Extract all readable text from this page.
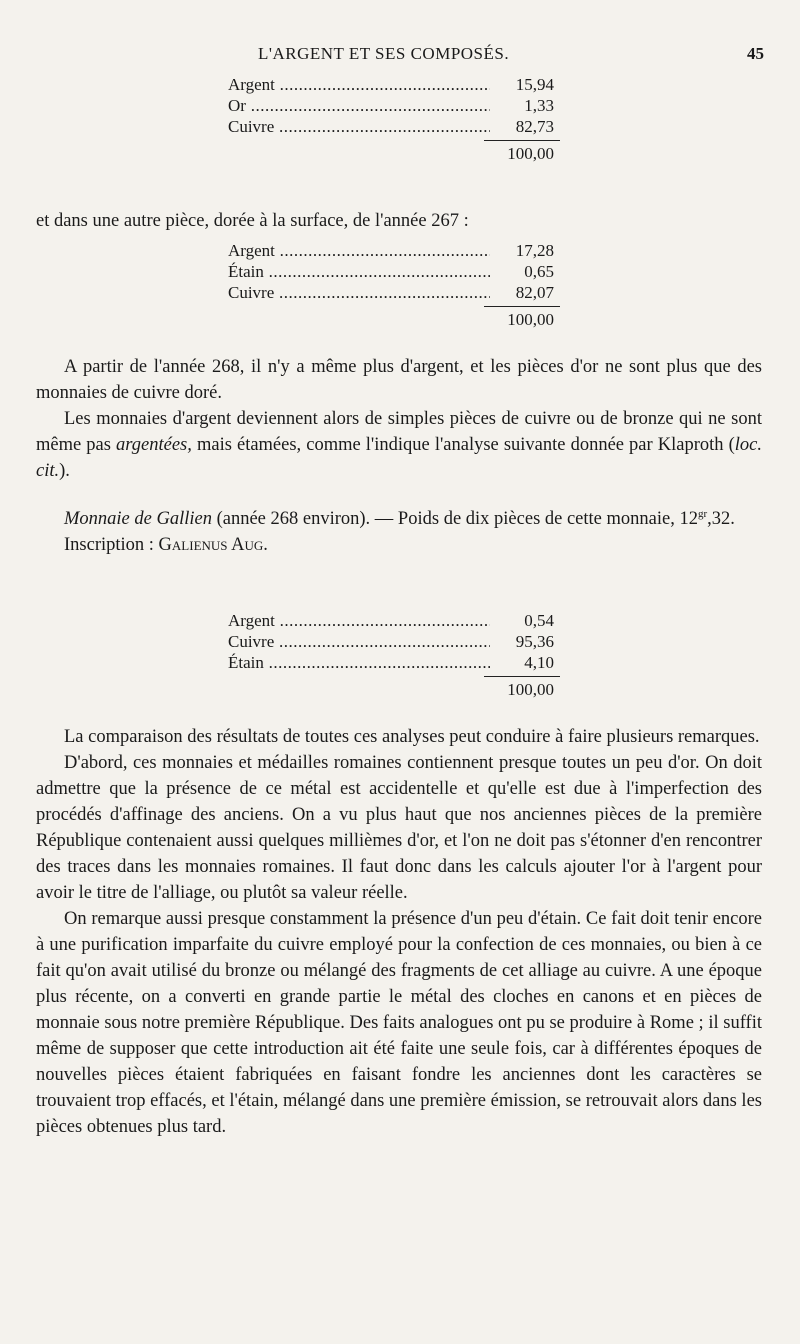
L'ARGENT ET SES COMPOSÉS.	45
Argent .....	15,94
Or .....	1,33
Cuivre .....	82,73
100,00

et dans une autre pièce, dorée à la surface, de l'année 267 :

Argent .....	17,28
Étain .....	0,65
Cuivre .....	82,07
100,00

A partir de l'année 268, il n'y a même plus d'argent, et les pièces d'or ne sont plus que des monnaies de cuivre doré.

Les monnaies d'argent deviennent alors de simples pièces de cuivre ou de bronze qui ne sont même pas argentées, mais étamées, comme l'indique l'analyse suivante donnée par Klaproth (loc. cit.).

Monnaie de Gallien (année 268 environ). — Poids de dix pièces de cette monnaie, $12^{gr},32$.

Inscription : Galienus Aug.

Argent .....	0,54
Cuivre .....	95,36
Étain .....	4,10
100,00

La comparaison des résultats de toutes ces analyses peut conduire à faire plusieurs remarques.

D'abord, ces monnaies et médailles romaines contiennent presque toutes un peu d'or. On doit admettre que la présence de ce métal est accidentelle et qu'elle est due à l'imperfection des procédés d'affinage des anciens. On a vu plus haut que nos anciennes pièces de la première République contenaient aussi quelques millièmes d'or, et l'on ne doit pas s'étonner d'en rencontrer des traces dans les monnaies romaines. Il faut donc dans les calculs ajouter l'or à l'argent pour avoir le titre de l'alliage, ou plutôt sa valeur réelle.

On remarque aussi presque constamment la présence d'un peu d'étain. Ce fait doit tenir encore à une purification imparfaite du cuivre employé pour la confection de ces monnaies, ou bien à ce fait qu'on avait utilisé du bronze ou mélangé des fragments de cet alliage au cuivre. A une époque plus récente, on a converti en grande partie le métal des cloches en canons et en pièces de monnaie sous notre première République. Des faits analogues ont pu se produire à Rome ; il suffit même de supposer que cette introduction ait été faite une seule fois, car à différentes époques de nouvelles pièces étaient fabriquées en faisant fondre les anciennes dont les caractères se trouvaient trop effacés, et l'étain, mélangé dans une première émission, se retrouvait alors dans les pièces obtenues plus tard.
